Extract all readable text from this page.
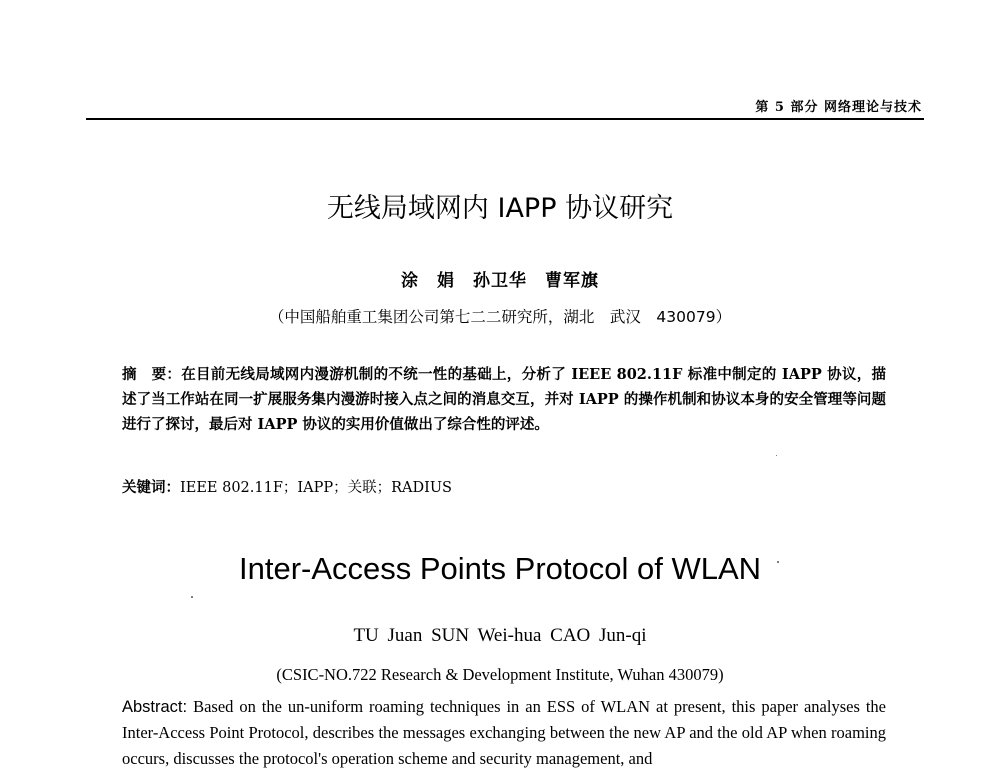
第 5 部分 网络理论与技术
无线局域网内 IAPP 协议研究
涂　娟　孙卫华　曹军旗
（中国船舶重工集团公司第七二二研究所，湖北　武汉　430079）
摘　要：在目前无线局域网内漫游机制的不统一性的基础上，分析了 IEEE 802.11F 标准中制定的 IAPP 协议，描述了当工作站在同一扩展服务集内漫游时接入点之间的消息交互，并对 IAPP 的操作机制和协议本身的安全管理等问题进行了探讨，最后对 IAPP 协议的实用价值做出了综合性的评述。
关键词：IEEE 802.11F；IAPP；关联；RADIUS
Inter-Access Points Protocol of WLAN
TU Juan SUN Wei-hua CAO Jun-qi
(CSIC-NO.722 Research & Development Institute, Wuhan 430079)
Abstract: Based on the un-uniform roaming techniques in an ESS of WLAN at present, this paper analyses the Inter-Access Point Protocol, describes the messages exchanging between the new AP and the old AP when roaming occurs, discusses the protocol's operation scheme and security management, and
